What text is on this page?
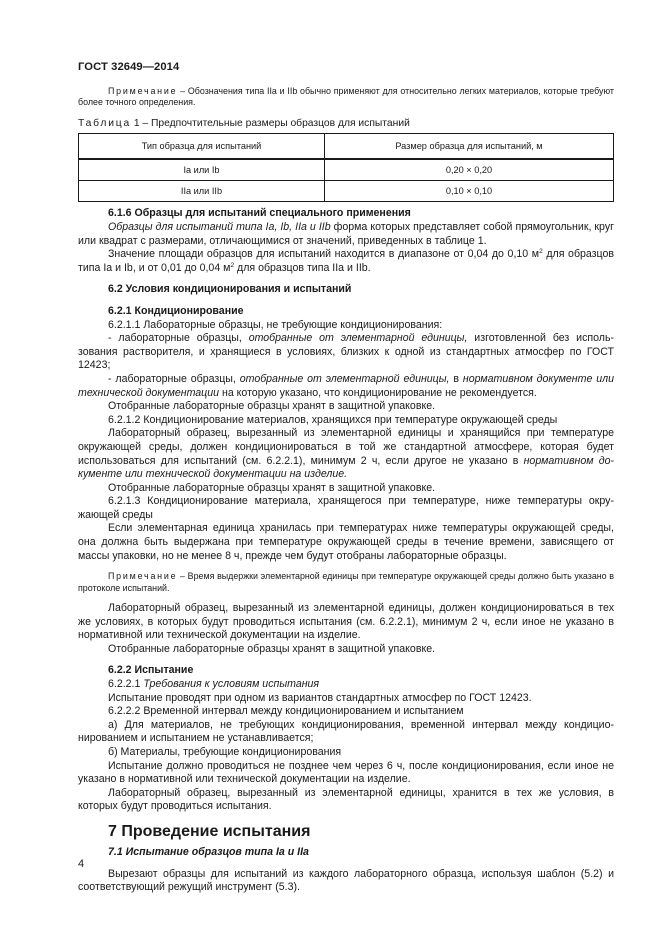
ГОСТ 32649—2014

Примечание – Обозначения типа IIa и IIb обычно применяют для относительно легких материалов, которые требуют более точного определения.

Таблица 1 – Предпочтительные размеры образцов для испытаний

Тип образца для испытаний	Размер образца для испытаний, м
Ia или Ib	0,20 × 0,20
IIa или IIb	0,10 × 0,10

6.1.6 Образцы для испытаний специального применения

Образцы для испытаний типа Ia, Ib, IIa и IIb форма которых представляет собой прямоугольник, круг или квадрат с размерами, отличающимися от значений, приведенных в таблице 1.

Значение площади образцов для испытаний находится в диапазоне от 0,04 до 0,10 $м^2$ для образцов типа Ia и Ib, и от 0,01 до 0,04 $м^2$ для образцов типа IIa и IIb.

6.2 Условия кондиционирования и испытаний

6.2.1 Кондиционирование

6.2.1.1 Лабораторные образцы, не требующие кондиционирования:

- лабораторные образцы, отобранные от элементарной единицы, изготовленной без использования растворителя, и хранящиеся в условиях, близких к одной из стандартных атмосфер по ГОСТ 12423;

- лабораторные образцы, отобранные от элементарной единицы, в нормативном документе или технической документации на которую указано, что кондиционирование не рекомендуется.

Отобранные лабораторные образцы хранят в защитной упаковке.

6.2.1.2 Кондиционирование материалов, хранящихся при температуре окружающей среды

Лабораторный образец, вырезанный из элементарной единицы и хранящийся при температуре окружающей среды, должен кондиционироваться в той же стандартной атмосфере, которая будет использоваться для испытаний (см. 6.2.2.1), минимум 2 ч, если другое не указано в нормативном документе или технической документации на изделие.

Отобранные лабораторные образцы хранят в защитной упаковке.

6.2.1.3 Кондиционирование материала, хранящегося при температуре, ниже температуры окружающей среды

Если элементарная единица хранилась при температурах ниже температуры окружающей среды, она должна быть выдержана при температуре окружающей среды в течение времени, зависящего от массы упаковки, но не менее 8 ч, прежде чем будут отобраны лабораторные образцы.

Примечание – Время выдержки элементарной единицы при температуре окружающей среды должно быть указано в протоколе испытаний.

Лабораторный образец, вырезанный из элементарной единицы, должен кондиционироваться в тех же условиях, в которых будут проводиться испытания (см. 6.2.2.1), минимум 2 ч, если иное не указано в нормативной или технической документации на изделие.

Отобранные лабораторные образцы хранят в защитной упаковке.

6.2.2 Испытание

6.2.2.1 Требования к условиям испытания

Испытание проводят при одном из вариантов стандартных атмосфер по ГОСТ 12423.

6.2.2.2 Временной интервал между кондиционированием и испытанием

а) Для материалов, не требующих кондиционирования, временной интервал между кондиционированием и испытанием не устанавливается;

б) Материалы, требующие кондиционирования

Испытание должно проводиться не позднее чем через 6 ч, после кондиционирования, если иное не указано в нормативной или технической документации на изделие.

Лабораторный образец, вырезанный из элементарной единицы, хранится в тех же условия, в которых будут проводиться испытания.

7 Проведение испытания

7.1 Испытание образцов типа Ia и IIa

Вырезают образцы для испытаний из каждого лабораторного образца, используя шаблон (5.2) и соответствующий режущий инструмент (5.3).

4
